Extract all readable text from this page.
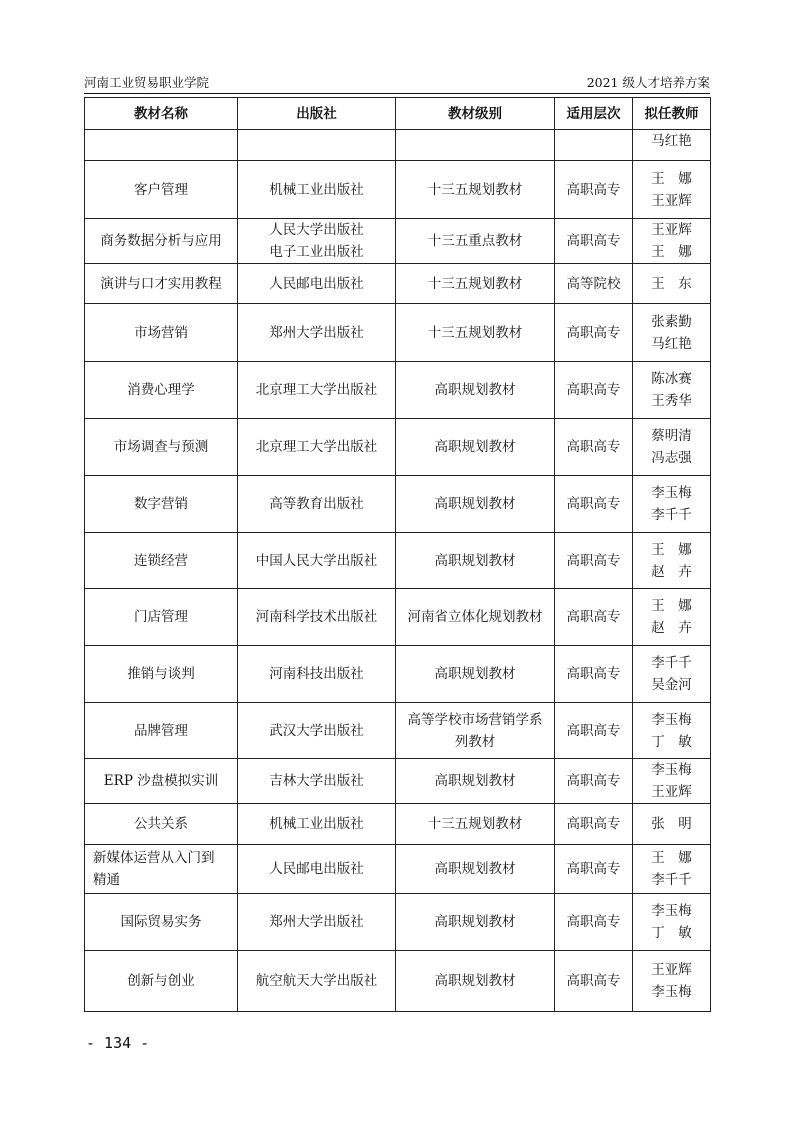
河南工业贸易职业学院	2021 级人才培养方案
教材名称	出版社	教材级别	适用层次	拟任教师

				马红艳

客户管理	机械工业出版社	十三五规划教材	高职高专	王　娜
王亚辉

商务数据分析与应用	人民大学出版社
电子工业出版社	十三五重点教材	高职高专	王亚辉
王　娜

演讲与口才实用教程	人民邮电出版社	十三五规划教材	高等院校	王　东

市场营销	郑州大学出版社	十三五规划教材	高职高专	张素勤
马红艳

消费心理学	北京理工大学出版社	高职规划教材	高职高专	陈冰赛
王秀华

市场调查与预测	北京理工大学出版社	高职规划教材	高职高专	蔡明清
冯志强

数字营销	高等教育出版社	高职规划教材	高职高专	李玉梅
李千千

连锁经营	中国人民大学出版社	高职规划教材	高职高专	王　娜
赵　卉

门店管理	河南科学技术出版社	河南省立体化规划教材	高职高专	王　娜
赵　卉

推销与谈判	河南科技出版社	高职规划教材	高职高专	李千千
吴金河

品牌管理	武汉大学出版社	高等学校市场营销学系
列教材	高职高专	李玉梅
丁　敏

ERP 沙盘模拟实训	吉林大学出版社	高职规划教材	高职高专	李玉梅
王亚辉

公共关系	机械工业出版社	十三五规划教材	高职高专	张　明

新媒体运营从入门到
精通	人民邮电出版社	高职规划教材	高职高专	王　娜
李千千

国际贸易实务	郑州大学出版社	高职规划教材	高职高专	李玉梅
丁　敏

创新与创业	航空航天大学出版社	高职规划教材	高职高专	王亚辉
李玉梅
- 134 -
